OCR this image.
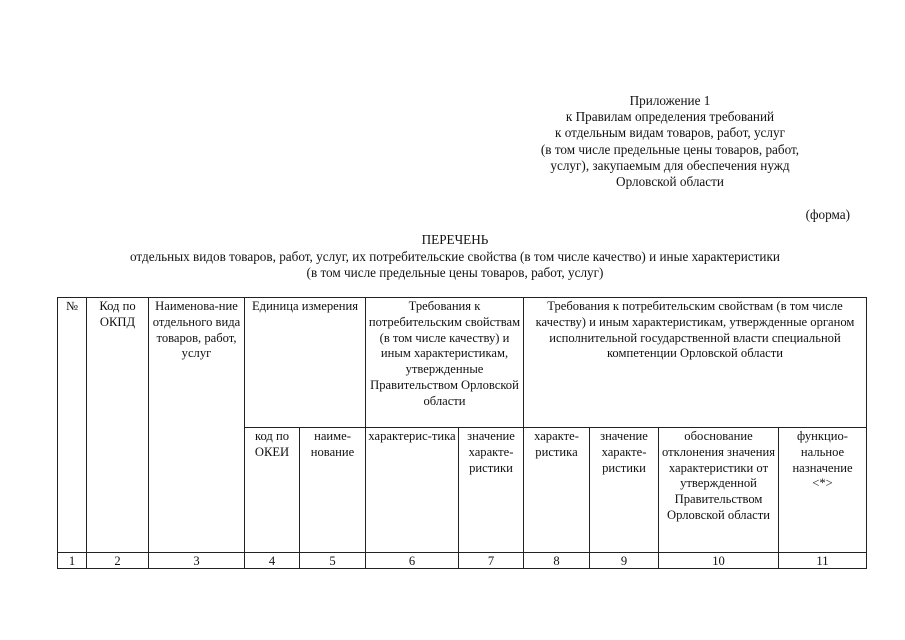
Приложение 1
к Правилам определения требований
к отдельным видам товаров, работ, услуг
(в том числе предельные цены товаров, работ,
услуг), закупаемым для обеспечения нужд
Орловской области
(форма)
ПЕРЕЧЕНЬ
отдельных видов товаров, работ, услуг, их потребительские свойства (в том числе качество) и иные характеристики
(в том числе предельные цены товаров, работ, услуг)
№	Код по ОКПД	Наименова-ние отдельного вида товаров, работ, услуг	Единица измерения		Требования к потребительским свойствам (в том числе качеству) и иным характеристикам, утвержденные Правительством Орловской области		Требования к потребительским свойствам (в том числе качеству) и иным характеристикам, утвержденные органом исполнительной государственной власти специальной компетенции Орловской области			
			код по ОКЕИ	наиме-нование	характерис-тика	значение характе-ристики	характе-ристика	значение характе-ристики	обоснование отклонения значения характеристики от утвержденной Правительством Орловской области	функцио-нальное назначение <*>
1	2	3	4	5	6	7	8	9	10	11
